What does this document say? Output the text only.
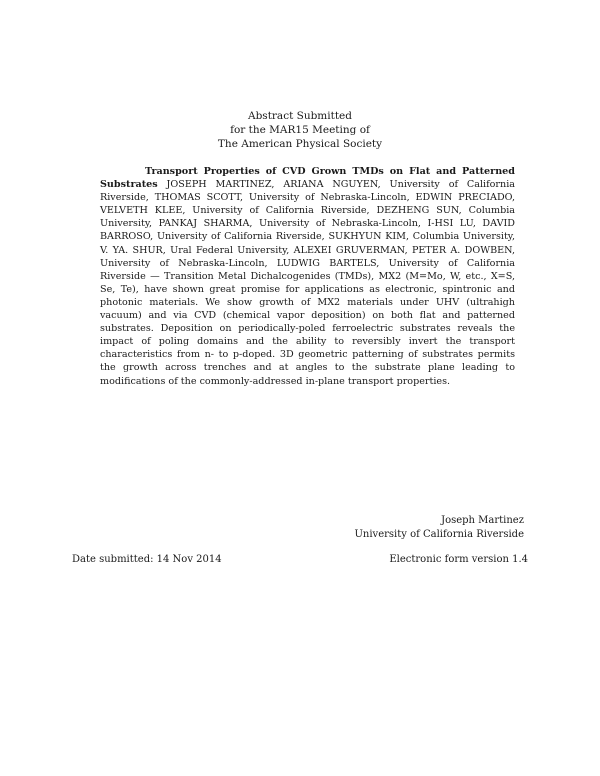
Abstract Submitted
for the MAR15 Meeting of
The American Physical Society
Transport Properties of CVD Grown TMDs on Flat and Patterned Substrates JOSEPH MARTINEZ, ARIANA NGUYEN, University of California Riverside, THOMAS SCOTT, University of Nebraska-Lincoln, EDWIN PRECIADO, VELVETH KLEE, University of California Riverside, DEZHENG SUN, Columbia University, PANKAJ SHARMA, University of Nebraska-Lincoln, I-HSI LU, DAVID BARROSO, University of California Riverside, SUKHYUN KIM, Columbia University, V. YA. SHUR, Ural Federal University, ALEXEI GRUVERMAN, PETER A. DOWBEN, University of Nebraska-Lincoln, LUDWIG BARTELS, University of California Riverside — Transition Metal Dichalcogenides (TMDs), MX2 (M=Mo, W, etc., X=S, Se, Te), have shown great promise for applications as electronic, spintronic and photonic materials. We show growth of MX2 materials under UHV (ultrahigh vacuum) and via CVD (chemical vapor deposition) on both flat and patterned substrates. Deposition on periodically-poled ferroelectric substrates reveals the impact of poling domains and the ability to reversibly invert the transport characteristics from n- to p-doped. 3D geometric patterning of substrates permits the growth across trenches and at angles to the substrate plane leading to modifications of the commonly-addressed in-plane transport properties.
Joseph Martinez
University of California Riverside
Date submitted: 14 Nov 2014	Electronic form version 1.4
